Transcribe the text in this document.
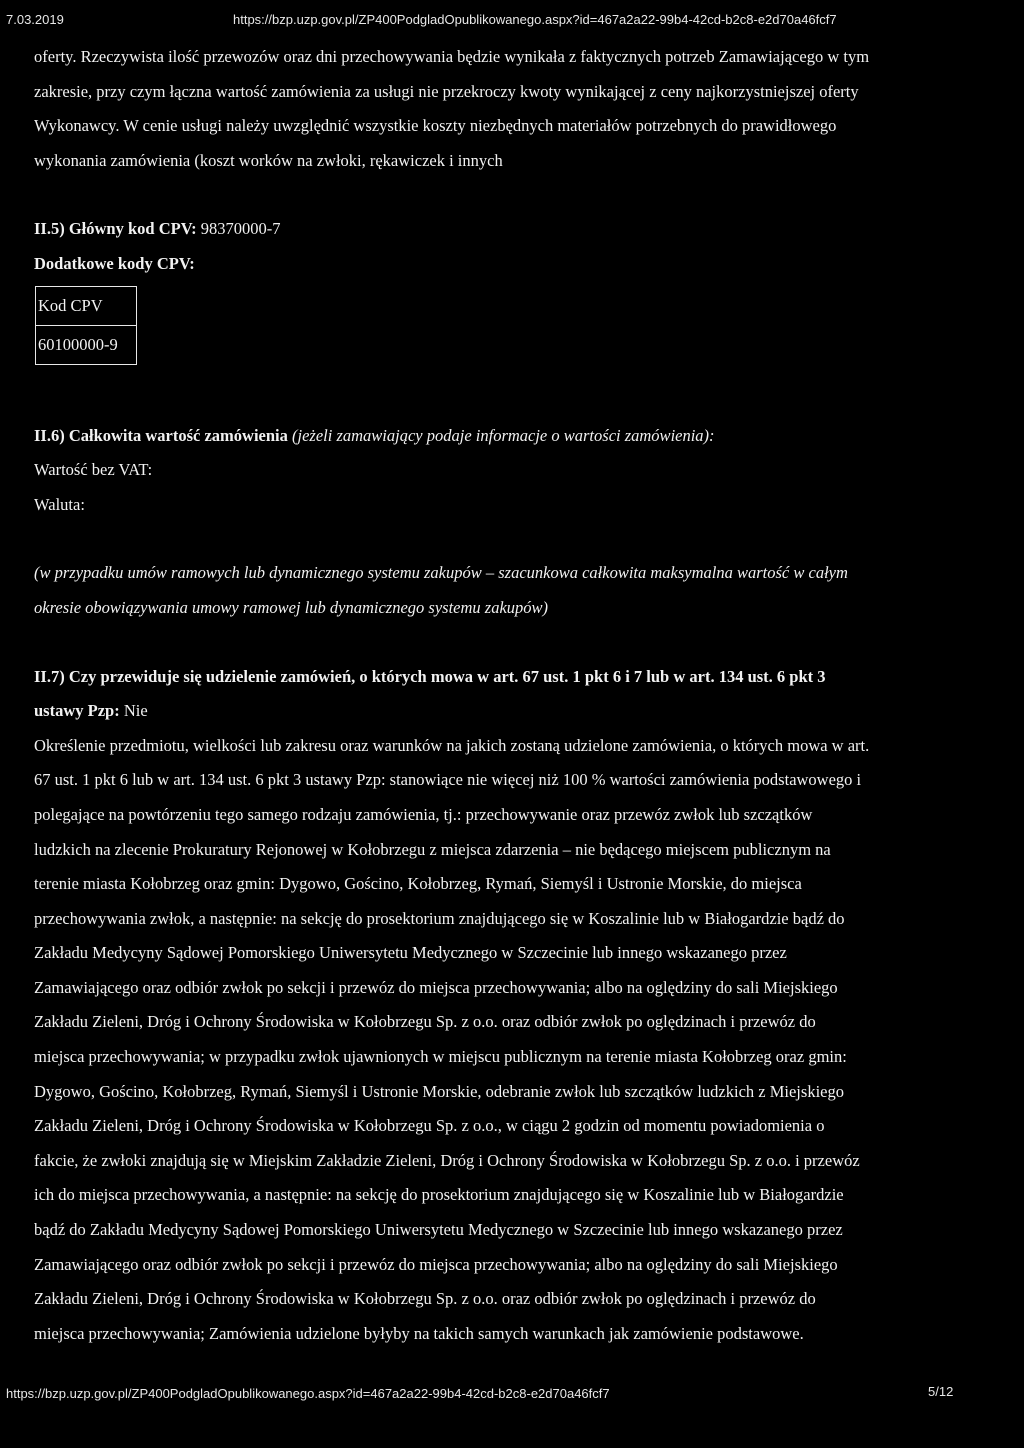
7.03.2019	https://bzp.uzp.gov.pl/ZP400PodgladOpublikowanego.aspx?id=467a2a22-99b4-42cd-b2c8-e2d70a46fcf7

oferty. Rzeczywista ilość przewozów oraz dni przechowywania będzie wynikała z faktycznych potrzeb Zamawiającego w tym

zakresie, przy czym łączna wartość zamówienia za usługi nie przekroczy kwoty wynikającej z ceny najkorzystniejszej oferty

Wykonawcy. W cenie usługi należy uwzględnić wszystkie koszty niezbędnych materiałów potrzebnych do prawidłowego

wykonania zamówienia (koszt worków na zwłoki, rękawiczek i innych

II.5) Główny kod CPV: 98370000-7

Dodatkowe kody CPV:

Kod CPV
60100000-9

II.6) Całkowita wartość zamówienia (jeżeli zamawiający podaje informacje o wartości zamówienia):

Wartość bez VAT:

Waluta:

(w przypadku umów ramowych lub dynamicznego systemu zakupów – szacunkowa całkowita maksymalna wartość w całym

okresie obowiązywania umowy ramowej lub dynamicznego systemu zakupów)

II.7) Czy przewiduje się udzielenie zamówień, o których mowa w art. 67 ust. 1 pkt 6 i 7 lub w art. 134 ust. 6 pkt 3

ustawy Pzp: Nie

Określenie przedmiotu, wielkości lub zakresu oraz warunków na jakich zostaną udzielone zamówienia, o których mowa w art.

67 ust. 1 pkt 6 lub w art. 134 ust. 6 pkt 3 ustawy Pzp: stanowiące nie więcej niż 100 % wartości zamówienia podstawowego i

polegające na powtórzeniu tego samego rodzaju zamówienia, tj.: przechowywanie oraz przewóz zwłok lub szczątków

ludzkich na zlecenie Prokuratury Rejonowej w Kołobrzegu z miejsca zdarzenia – nie będącego miejscem publicznym na

terenie miasta Kołobrzeg oraz gmin: Dygowo, Gościno, Kołobrzeg, Rymań, Siemyśl i Ustronie Morskie, do miejsca

przechowywania zwłok, a następnie: na sekcję do prosektorium znajdującego się w Koszalinie lub w Białogardzie bądź do

Zakładu Medycyny Sądowej Pomorskiego Uniwersytetu Medycznego w Szczecinie lub innego wskazanego przez

Zamawiającego oraz odbiór zwłok po sekcji i przewóz do miejsca przechowywania; albo na oględziny do sali Miejskiego

Zakładu Zieleni, Dróg i Ochrony Środowiska w Kołobrzegu Sp. z o.o. oraz odbiór zwłok po oględzinach i przewóz do

miejsca przechowywania; w przypadku zwłok ujawnionych w miejscu publicznym na terenie miasta Kołobrzeg oraz gmin:

Dygowo, Gościno, Kołobrzeg, Rymań, Siemyśl i Ustronie Morskie, odebranie zwłok lub szczątków ludzkich z Miejskiego

Zakładu Zieleni, Dróg i Ochrony Środowiska w Kołobrzegu Sp. z o.o., w ciągu 2 godzin od momentu powiadomienia o

fakcie, że zwłoki znajdują się w Miejskim Zakładzie Zieleni, Dróg i Ochrony Środowiska w Kołobrzegu Sp. z o.o. i przewóz

ich do miejsca przechowywania, a następnie: na sekcję do prosektorium znajdującego się w Koszalinie lub w Białogardzie

bądź do Zakładu Medycyny Sądowej Pomorskiego Uniwersytetu Medycznego w Szczecinie lub innego wskazanego przez

Zamawiającego oraz odbiór zwłok po sekcji i przewóz do miejsca przechowywania; albo na oględziny do sali Miejskiego

Zakładu Zieleni, Dróg i Ochrony Środowiska w Kołobrzegu Sp. z o.o. oraz odbiór zwłok po oględzinach i przewóz do

miejsca przechowywania; Zamówienia udzielone byłyby na takich samych warunkach jak zamówienie podstawowe.

https://bzp.uzp.gov.pl/ZP400PodgladOpublikowanego.aspx?id=467a2a22-99b4-42cd-b2c8-e2d70a46fcf7	5/12
